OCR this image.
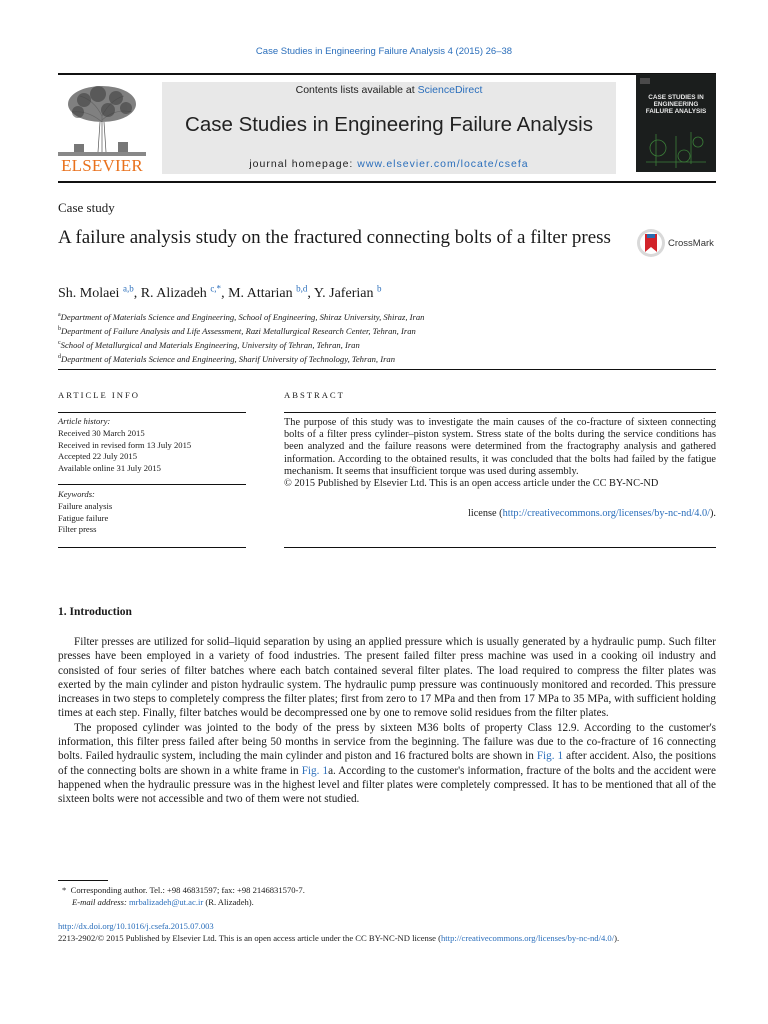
Case Studies in Engineering Failure Analysis 4 (2015) 26–38
ELSEVIER
Contents lists available at ScienceDirect
Case Studies in Engineering Failure Analysis
journal homepage: www.elsevier.com/locate/csefa
CASE STUDIES IN ENGINEERING FAILURE ANALYSIS
Case study
A failure analysis study on the fractured connecting bolts of a filter press	CrossMark
Sh. Molaei $^{a,b}$, R. Alizadeh $^{c,*}$, M. Attarian $^{b,d}$, Y. Jaferian $^b$
$^a$Department of Materials Science and Engineering, School of Engineering, Shiraz University, Shiraz, Iran
$^b$Department of Failure Analysis and Life Assessment, Razi Metallurgical Research Center, Tehran, Iran
$^c$School of Metallurgical and Materials Engineering, University of Tehran, Tehran, Iran
$^d$Department of Materials Science and Engineering, Sharif University of Technology, Tehran, Iran
ARTICLE INFO
Article history:
Received 30 March 2015
Received in revised form 13 July 2015
Accepted 22 July 2015
Available online 31 July 2015
Keywords:
Failure analysis
Fatigue failure
Filter press
ABSTRACT
The purpose of this study was to investigate the main causes of the co-fracture of sixteen connecting bolts of a filter press cylinder–piston system. Stress state of the bolts during the service conditions has been analyzed and the failure reasons were determined from the fractography analysis and gathered information. According to the obtained results, it was concluded that the bolts had failed by the fatigue mechanism. It seems that insufficient torque was used during assembly.
© 2015 Published by Elsevier Ltd. This is an open access article under the CC BY-NC-ND
license (http://creativecommons.org/licenses/by-nc-nd/4.0/).
1. Introduction

Filter presses are utilized for solid–liquid separation by using an applied pressure which is usually generated by a hydraulic pump. Such filter presses have been employed in a variety of food industries. The present failed filter press machine was used in a cooking oil industry and consisted of four series of filter batches where each batch contained several filter plates. The load required to compress the filter plates was exerted by the main cylinder and piston hydraulic system. The hydraulic pump pressure was continuously monitored and recorded. This pressure increases in two steps to completely compress the filter plates; first from zero to 17 MPa and then from 17 MPa to 35 MPa, with sufficient holding times at each step. Finally, filter batches would be decompressed one by one to remove solid residues from the filter plates.

The proposed cylinder was jointed to the body of the press by sixteen M36 bolts of property Class 12.9. According to the customer's information, this filter press failed after being 50 months in service from the beginning. The failure was due to the co-fracture of 16 connecting bolts. Failed hydraulic system, including the main cylinder and piston and 16 fractured bolts are shown in Fig. 1 after accident. Also, the positions of the connecting bolts are shown in a white frame in Fig. 1a. According to the customer's information, fracture of the bolts and the accident were happened when the hydraulic pressure was in the highest level and filter plates were completely compressed. It has to be mentioned that all of the sixteen bolts were not accessible and two of them were not studied.

* Corresponding author. Tel.: +98 46831597; fax: +98 2146831570-7.
E-mail address: mrbalizadeh@ut.ac.ir (R. Alizadeh).
http://dx.doi.org/10.1016/j.csefa.2015.07.003
2213-2902/© 2015 Published by Elsevier Ltd. This is an open access article under the CC BY-NC-ND license (http://creativecommons.org/licenses/by-nc-nd/4.0/).
